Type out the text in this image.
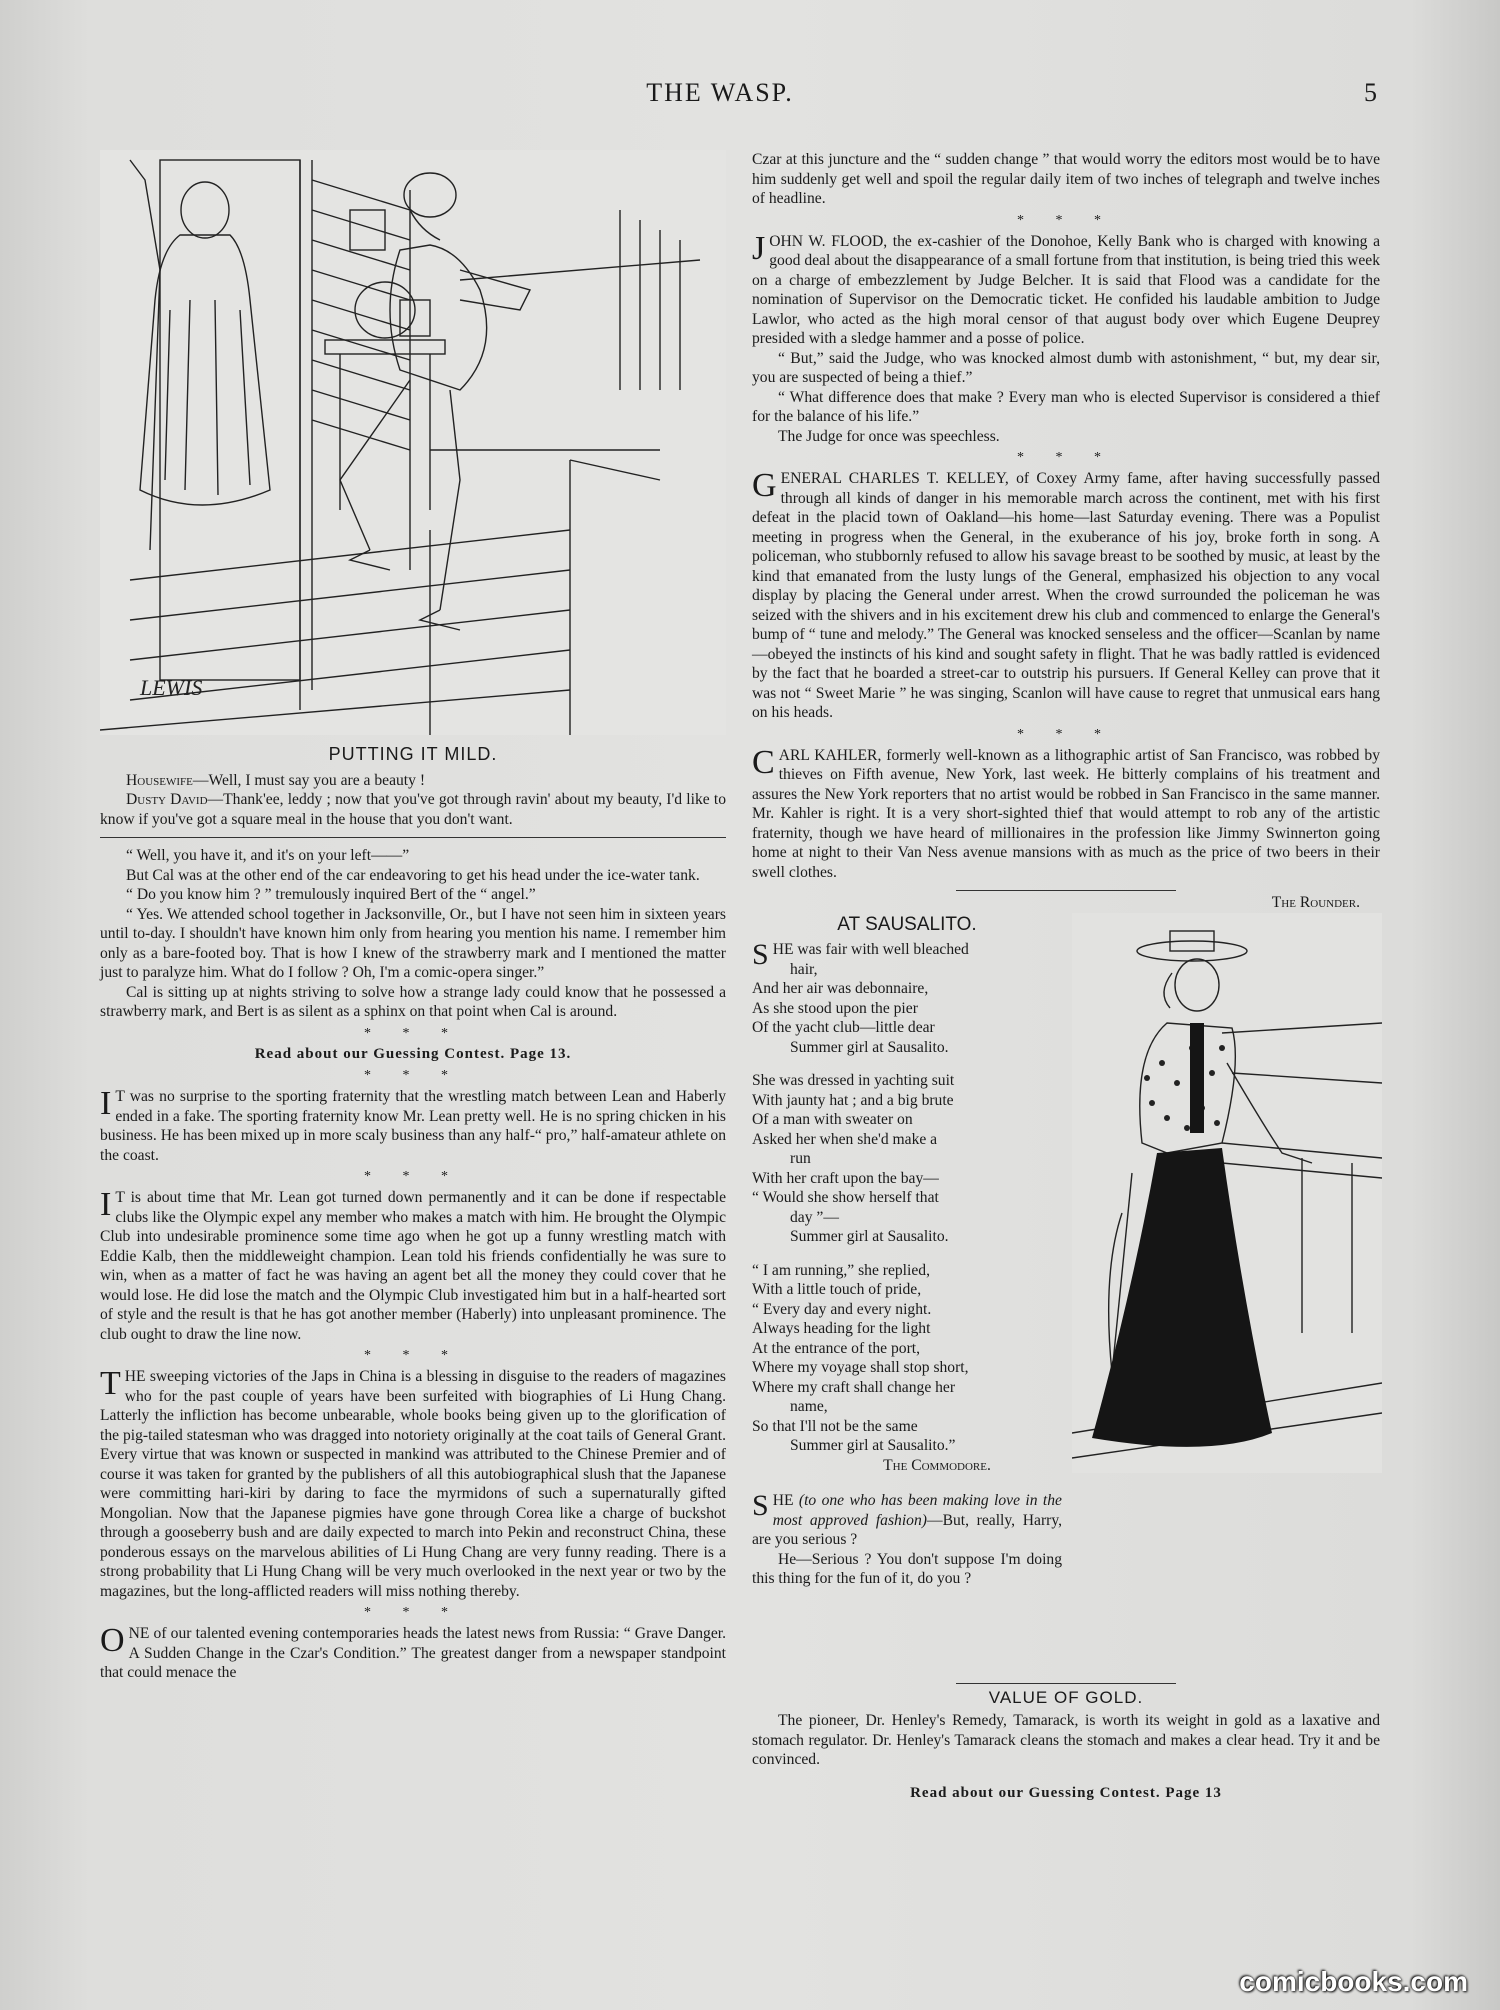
THE WASP.	5
LEWIS
PUTTING IT MILD.

Housewife—Well, I must say you are a beauty !

Dusty David—Thank'ee, leddy ; now that you've got through ravin' about my beauty, I'd like to know if you've got a square meal in the house that you don't want.

“ Well, you have it, and it's on your left——”

But Cal was at the other end of the car endeavoring to get his head under the ice-water tank.

“ Do you know him ? ” tremulously inquired Bert of the “ angel.”

“ Yes. We attended school together in Jacksonville, Or., but I have not seen him in sixteen years until to-day. I shouldn't have known him only from hearing you mention his name. I remember him only as a bare-footed boy. That is how I knew of the strawberry mark and I mentioned the matter just to paralyze him. What do I follow ? Oh, I'm a comic-opera singer.”

Cal is sitting up at nights striving to solve how a strange lady could know that he possessed a strawberry mark, and Bert is as silent as a sphinx on that point when Cal is around.

* * *
Read about our Guessing Contest. Page 13.
* * *

I T was no surprise to the sporting fraternity that the wrestling match between Lean and Haberly ended in a fake. The sporting fraternity know Mr. Lean pretty well. He is no spring chicken in his business. He has been mixed up in more scaly business than any half-“ pro,” half-amateur athlete on the coast.

* * *

I T is about time that Mr. Lean got turned down permanently and it can be done if respectable clubs like the Olympic expel any member who makes a match with him. He brought the Olympic Club into undesirable prominence some time ago when he got up a funny wrestling match with Eddie Kalb, then the middleweight champion. Lean told his friends confidentially he was sure to win, when as a matter of fact he was having an agent bet all the money they could cover that he would lose. He did lose the match and the Olympic Club investigated him but in a half-hearted sort of style and the result is that he has got another member (Haberly) into unpleasant prominence. The club ought to draw the line now.

* * *

THE sweeping victories of the Japs in China is a blessing in disguise to the readers of magazines who for the past couple of years have been surfeited with biographies of Li Hung Chang. Latterly the infliction has become unbearable, whole books being given up to the glorification of the pig-tailed statesman who was dragged into notoriety originally at the coat tails of General Grant. Every virtue that was known or suspected in mankind was attributed to the Chinese Premier and of course it was taken for granted by the publishers of all this autobiographical slush that the Japanese were committing hari-kiri by daring to face the myrmidons of such a supernaturally gifted Mongolian. Now that the Japanese pigmies have gone through Corea like a charge of buckshot through a gooseberry bush and are daily expected to march into Pekin and reconstruct China, these ponderous essays on the marvelous abilities of Li Hung Chang are very funny reading. There is a strong probability that Li Hung Chang will be very much overlooked in the next year or two by the magazines, but the long-afflicted readers will miss nothing thereby.

* * *

ONE of our talented evening contemporaries heads the latest news from Russia: “ Grave Danger. A Sudden Change in the Czar's Condition.” The greatest danger from a newspaper standpoint that could menace the

Czar at this juncture and the “ sudden change ” that would worry the editors most would be to have him suddenly get well and spoil the regular daily item of two inches of telegraph and twelve inches of headline.

* * *

JOHN W. FLOOD, the ex-cashier of the Donohoe, Kelly Bank who is charged with knowing a good deal about the disappearance of a small fortune from that institution, is being tried this week on a charge of embezzlement by Judge Belcher. It is said that Flood was a candidate for the nomination of Supervisor on the Democratic ticket. He confided his laudable ambition to Judge Lawlor, who acted as the high moral censor of that august body over which Eugene Deuprey presided with a sledge hammer and a posse of police.

“ But,” said the Judge, who was knocked almost dumb with astonishment, “ but, my dear sir, you are suspected of being a thief.”

“ What difference does that make ? Every man who is elected Supervisor is considered a thief for the balance of his life.”

The Judge for once was speechless.

* * *

GENERAL CHARLES T. KELLEY, of Coxey Army fame, after having successfully passed through all kinds of danger in his memorable march across the continent, met with his first defeat in the placid town of Oakland—his home—last Saturday evening. There was a Populist meeting in progress when the General, in the exuberance of his joy, broke forth in song. A policeman, who stubbornly refused to allow his savage breast to be soothed by music, at least by the kind that emanated from the lusty lungs of the General, emphasized his objection to any vocal display by placing the General under arrest. When the crowd surrounded the policeman he was seized with the shivers and in his excitement drew his club and commenced to enlarge the General's bump of “ tune and melody.” The General was knocked senseless and the officer—Scanlan by name—obeyed the instincts of his kind and sought safety in flight. That he was badly rattled is evidenced by the fact that he boarded a street-car to outstrip his pursuers. If General Kelley can prove that it was not “ Sweet Marie ” he was singing, Scanlon will have cause to regret that unmusical ears hang on his heads.

* * *

CARL KAHLER, formerly well-known as a lithographic artist of San Francisco, was robbed by thieves on Fifth avenue, New York, last week. He bitterly complains of his treatment and assures the New York reporters that no artist would be robbed in San Francisco in the same manner. Mr. Kahler is right. It is a very short-sighted thief that would attempt to rob any of the artistic fraternity, though we have heard of millionaires in the profession like Jimmy Swinnerton going home at night to their Van Ness avenue mansions with as much as the price of two beers in their swell clothes.

The Rounder.
AT SAUSALITO.
SHE was fair with well bleached
hair,
And her air was debonnaire,
As she stood upon the pier
Of the yacht club—little dear
Summer girl at Sausalito.
She was dressed in yachting suit
With jaunty hat ; and a big brute
Of a man with sweater on
Asked her when she'd make a
run
With her craft upon the bay—
“ Would she show herself that
day ”—
Summer girl at Sausalito.
“ I am running,” she replied,
With a little touch of pride,
“ Every day and every night.
Always heading for the light
At the entrance of the port,
Where my voyage shall stop short,
Where my craft shall change her
name,
So that I'll not be the same
Summer girl at Sausalito.”
The Commodore.

SHE (to one who has been making love in the most approved fashion)—But, really, Harry, are you serious ?

He—Serious ? You don't suppose I'm doing this thing for the fun of it, do you ?

VALUE OF GOLD.

The pioneer, Dr. Henley's Remedy, Tamarack, is worth its weight in gold as a laxative and stomach regulator. Dr. Henley's Tamarack cleans the stomach and makes a clear head. Try it and be convinced.

Read about our Guessing Contest. Page 13
comicbooks.com
